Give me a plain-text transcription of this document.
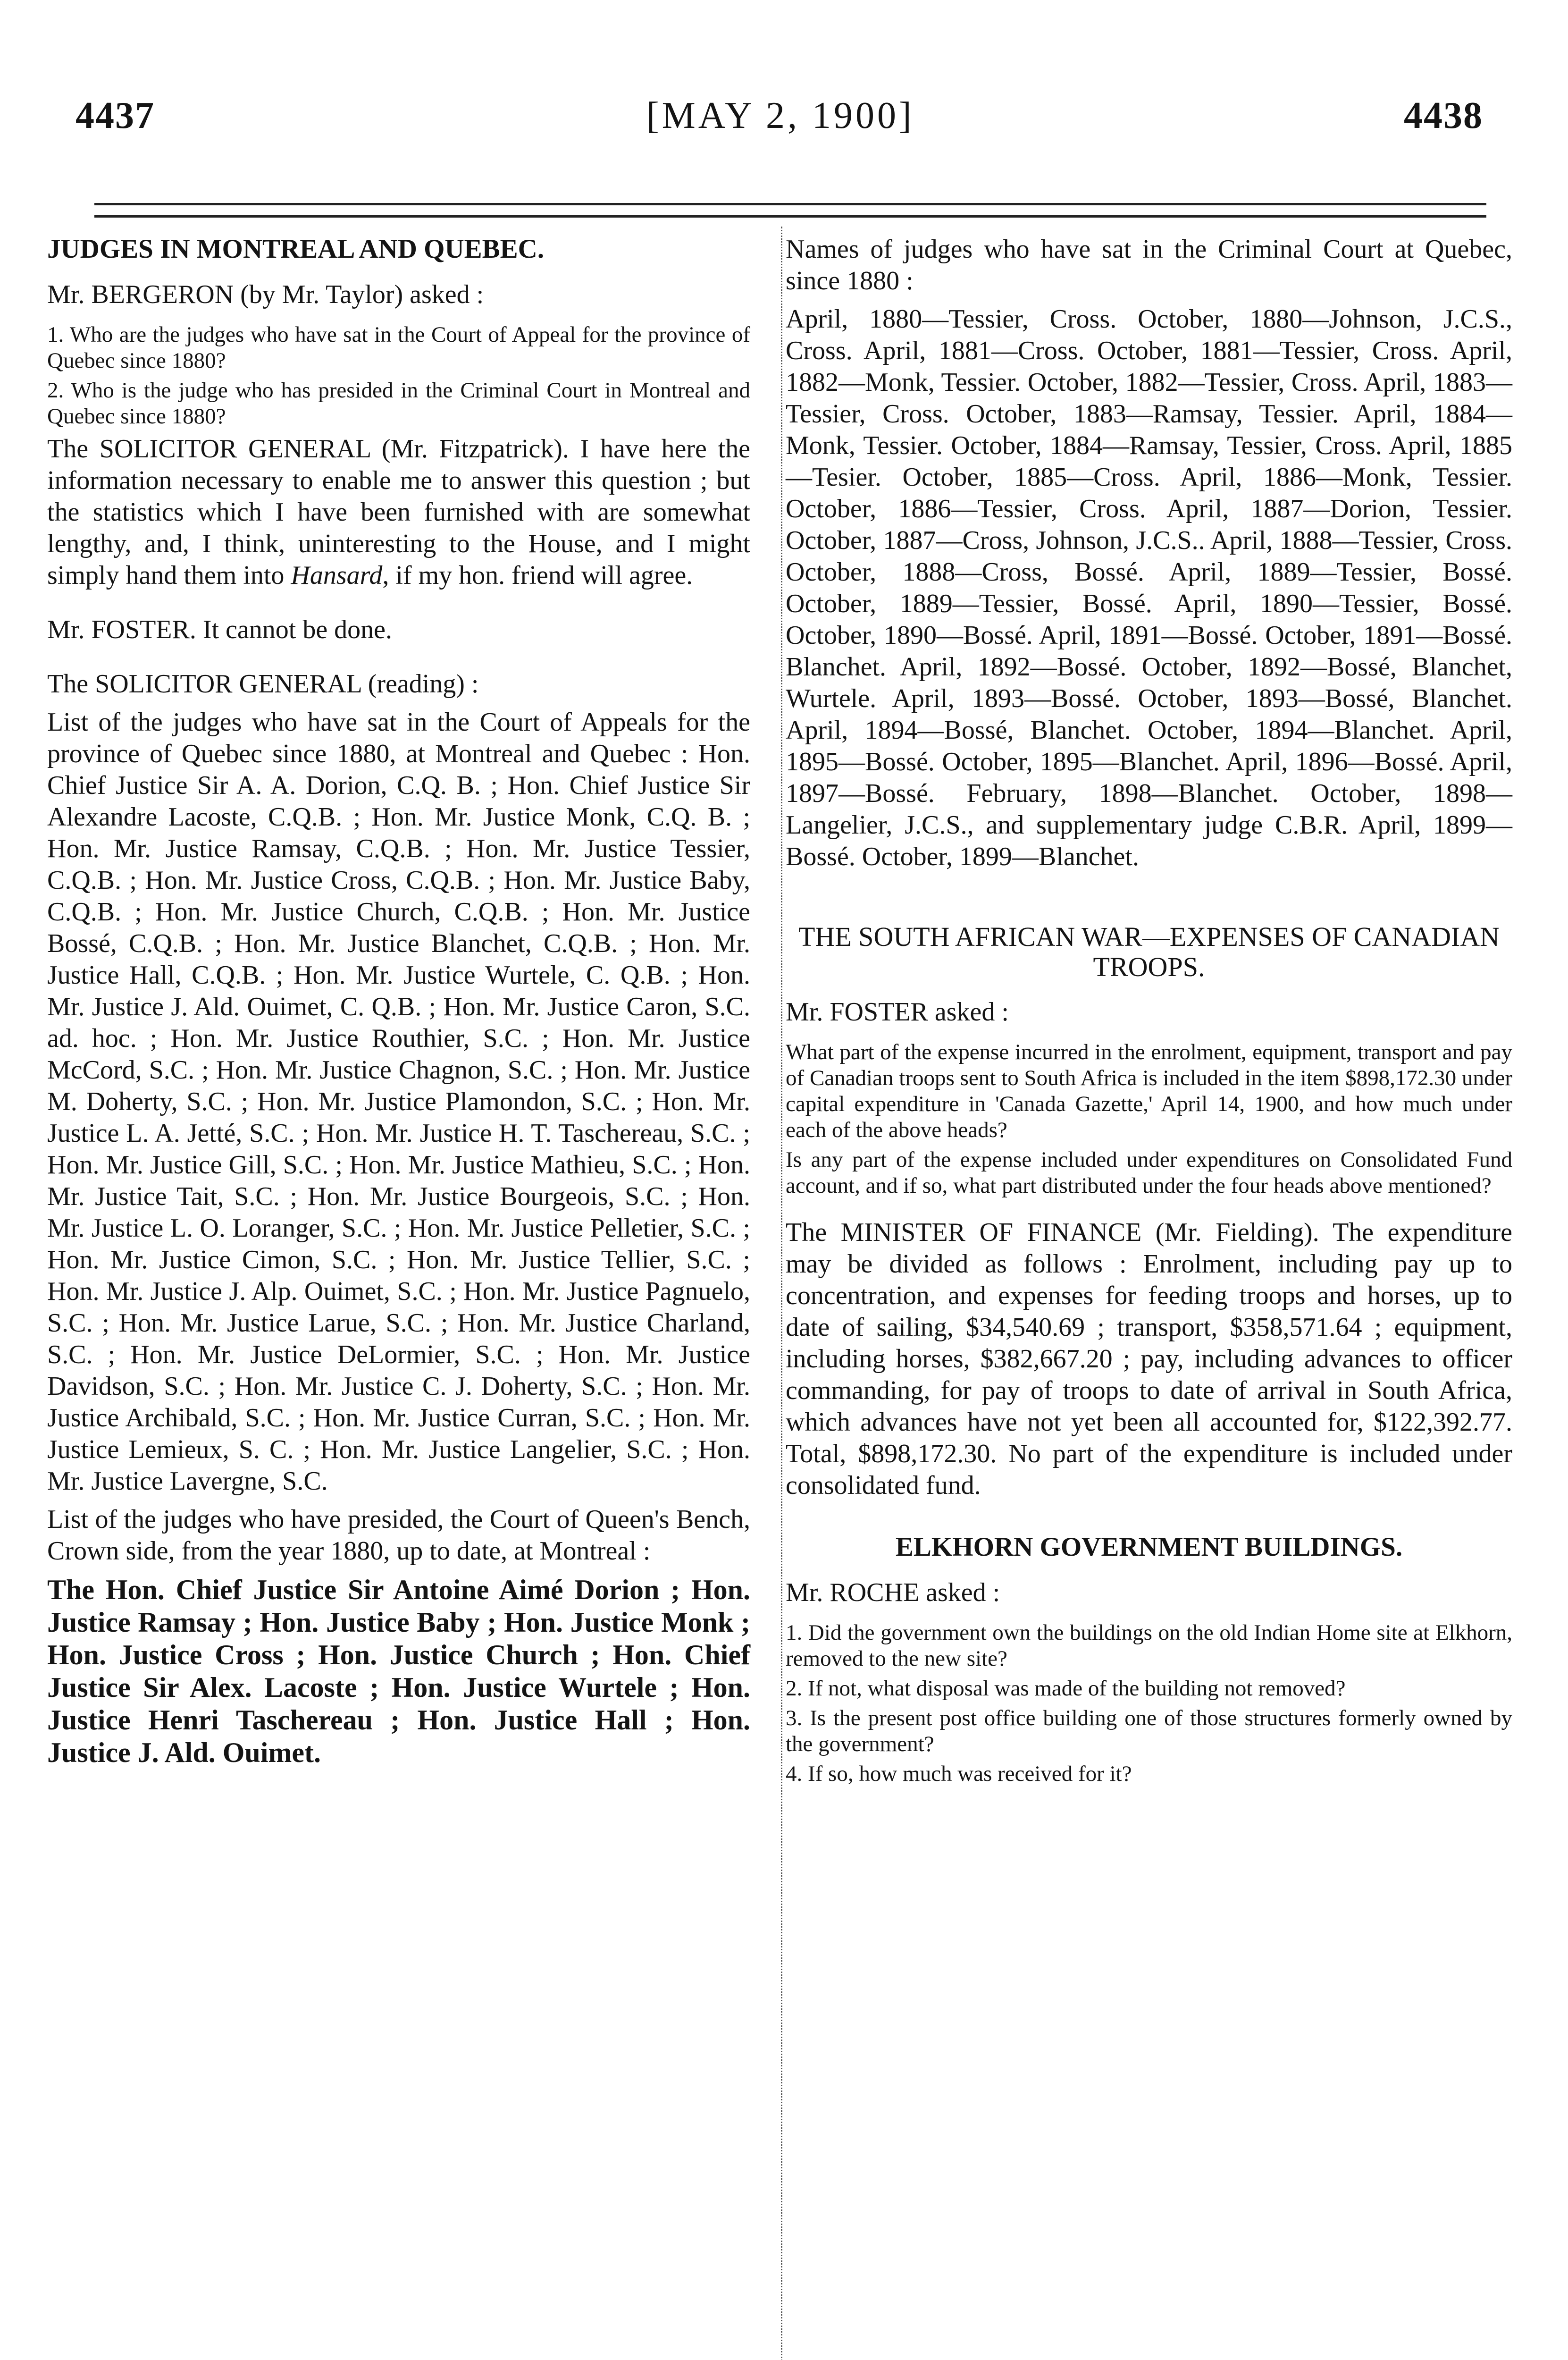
4437	[MAY 2, 1900]	4438
JUDGES IN MONTREAL AND QUEBEC.
Mr. BERGERON (by Mr. Taylor) asked :

1. Who are the judges who have sat in the Court of Appeal for the province of Quebec since 1880?

2. Who is the judge who has presided in the Criminal Court in Montreal and Quebec since 1880?

The SOLICITOR GENERAL (Mr. Fitzpatrick). I have here the information necessary to enable me to answer this question ; but the statistics which I have been furnished with are somewhat lengthy, and, I think, uninteresting to the House, and I might simply hand them into Hansard, if my hon. friend will agree.

Mr. FOSTER. It cannot be done.

The SOLICITOR GENERAL (reading) :

List of the judges who have sat in the Court of Appeals for the province of Quebec since 1880, at Montreal and Quebec : Hon. Chief Justice Sir A. A. Dorion, C.Q. B. ; Hon. Chief Justice Sir Alexandre Lacoste, C.Q.B. ; Hon. Mr. Justice Monk, C.Q. B. ; Hon. Mr. Justice Ramsay, C.Q.B. ; Hon. Mr. Justice Tessier, C.Q.B. ; Hon. Mr. Justice Cross, C.Q.B. ; Hon. Mr. Justice Baby, C.Q.B. ; Hon. Mr. Justice Church, C.Q.B. ; Hon. Mr. Justice Bossé, C.Q.B. ; Hon. Mr. Justice Blanchet, C.Q.B. ; Hon. Mr. Justice Hall, C.Q.B. ; Hon. Mr. Justice Wurtele, C. Q.B. ; Hon. Mr. Justice J. Ald. Ouimet, C. Q.B. ; Hon. Mr. Justice Caron, S.C. ad. hoc. ; Hon. Mr. Justice Routhier, S.C. ; Hon. Mr. Justice McCord, S.C. ; Hon. Mr. Justice Chagnon, S.C. ; Hon. Mr. Justice M. Doherty, S.C. ; Hon. Mr. Justice Plamondon, S.C. ; Hon. Mr. Justice L. A. Jetté, S.C. ; Hon. Mr. Justice H. T. Taschereau, S.C. ; Hon. Mr. Justice Gill, S.C. ; Hon. Mr. Justice Mathieu, S.C. ; Hon. Mr. Justice Tait, S.C. ; Hon. Mr. Justice Bourgeois, S.C. ; Hon. Mr. Justice L. O. Loranger, S.C. ; Hon. Mr. Justice Pelletier, S.C. ; Hon. Mr. Justice Cimon, S.C. ; Hon. Mr. Justice Tellier, S.C. ; Hon. Mr. Justice J. Alp. Ouimet, S.C. ; Hon. Mr. Justice Pagnuelo, S.C. ; Hon. Mr. Justice Larue, S.C. ; Hon. Mr. Justice Charland, S.C. ; Hon. Mr. Justice DeLormier, S.C. ; Hon. Mr. Justice Davidson, S.C. ; Hon. Mr. Justice C. J. Doherty, S.C. ; Hon. Mr. Justice Archibald, S.C. ; Hon. Mr. Justice Curran, S.C. ; Hon. Mr. Justice Lemieux, S. C. ; Hon. Mr. Justice Langelier, S.C. ; Hon. Mr. Justice Lavergne, S.C.

List of the judges who have presided, the Court of Queen's Bench, Crown side, from the year 1880, up to date, at Montreal :

The Hon. Chief Justice Sir Antoine Aimé Dorion ; Hon. Justice Ramsay ; Hon. Justice Baby ; Hon. Justice Monk ; Hon. Justice Cross ; Hon. Justice Church ; Hon. Chief Justice Sir Alex. Lacoste ; Hon. Justice Wurtele ; Hon. Justice Henri Taschereau ; Hon. Justice Hall ; Hon. Justice J. Ald. Ouimet.

Names of judges who have sat in the Criminal Court at Quebec, since 1880 :

April, 1880—Tessier, Cross. October, 1880—Johnson, J.C.S., Cross. April, 1881—Cross. October, 1881—Tessier, Cross. April, 1882—Monk, Tessier. October, 1882—Tessier, Cross. April, 1883—Tessier, Cross. October, 1883—Ramsay, Tessier. April, 1884—Monk, Tessier. October, 1884—Ramsay, Tessier, Cross. April, 1885—Tesier. October, 1885—Cross. April, 1886—Monk, Tessier. October, 1886—Tessier, Cross. April, 1887—Dorion, Tessier. October, 1887—Cross, Johnson, J.C.S.. April, 1888—Tessier, Cross. October, 1888—Cross, Bossé. April, 1889—Tessier, Bossé. October, 1889—Tessier, Bossé. April, 1890—Tessier, Bossé. October, 1890—Bossé. April, 1891—Bossé. October, 1891—Bossé. Blanchet. April, 1892—Bossé. October, 1892—Bossé, Blanchet, Wurtele. April, 1893—Bossé. October, 1893—Bossé, Blanchet. April, 1894—Bossé, Blanchet. October, 1894—Blanchet. April, 1895—Bossé. October, 1895—Blanchet. April, 1896—Bossé. April, 1897—Bossé. February, 1898—Blanchet. October, 1898—Langelier, J.C.S., and supplementary judge C.B.R. April, 1899—Bossé. October, 1899—Blanchet.

THE SOUTH AFRICAN WAR—EXPENSES OF CANADIAN TROOPS.
Mr. FOSTER asked :

What part of the expense incurred in the enrolment, equipment, transport and pay of Canadian troops sent to South Africa is included in the item $898,172.30 under capital expenditure in 'Canada Gazette,' April 14, 1900, and how much under each of the above heads?

Is any part of the expense included under expenditures on Consolidated Fund account, and if so, what part distributed under the four heads above mentioned?

The MINISTER OF FINANCE (Mr. Fielding). The expenditure may be divided as follows : Enrolment, including pay up to concentration, and expenses for feeding troops and horses, up to date of sailing, $34,540.69 ; transport, $358,571.64 ; equipment, including horses, $382,667.20 ; pay, including advances to officer commanding, for pay of troops to date of arrival in South Africa, which advances have not yet been all accounted for, $122,392.77. Total, $898,172.30. No part of the expenditure is included under consolidated fund.

ELKHORN GOVERNMENT BUILDINGS.
Mr. ROCHE asked :

1. Did the government own the buildings on the old Indian Home site at Elkhorn, removed to the new site?

2. If not, what disposal was made of the building not removed?

3. Is the present post office building one of those structures formerly owned by the government?

4. If so, how much was received for it?
